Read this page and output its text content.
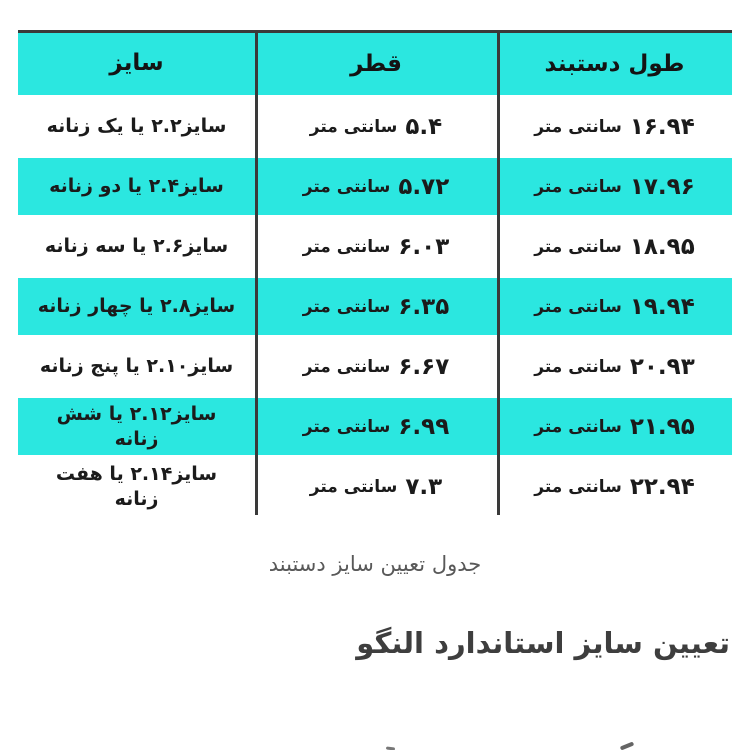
طول دستبند
قطر
سایز
۱۶.۹۴
سانتی متر
۵.۴
سانتی متر
سایز۲.۲ یا یک زنانه
۱۷.۹۶
سانتی متر
۵.۷۲
سانتی متر
سایز۲.۴ یا دو زنانه
۱۸.۹۵
سانتی متر
۶.۰۳
سانتی متر
سایز۲.۶ یا سه زنانه
۱۹.۹۴
سانتی متر
۶.۳۵
سانتی متر
سایز۲.۸ یا چهار زنانه
۲۰.۹۳
سانتی متر
۶.۶۷
سانتی متر
سایز۲.۱۰ یا پنج زنانه
۲۱.۹۵
سانتی متر
۶.۹۹
سانتی متر
سایز۲.۱۲ یا شش زنانه
۲۲.۹۴
سانتی متر
۷.۳
سانتی متر
سایز۲.۱۴ یا هفت زنانه
جدول تعیین سایز دستبند
تعیین سایز استاندارد النگو
